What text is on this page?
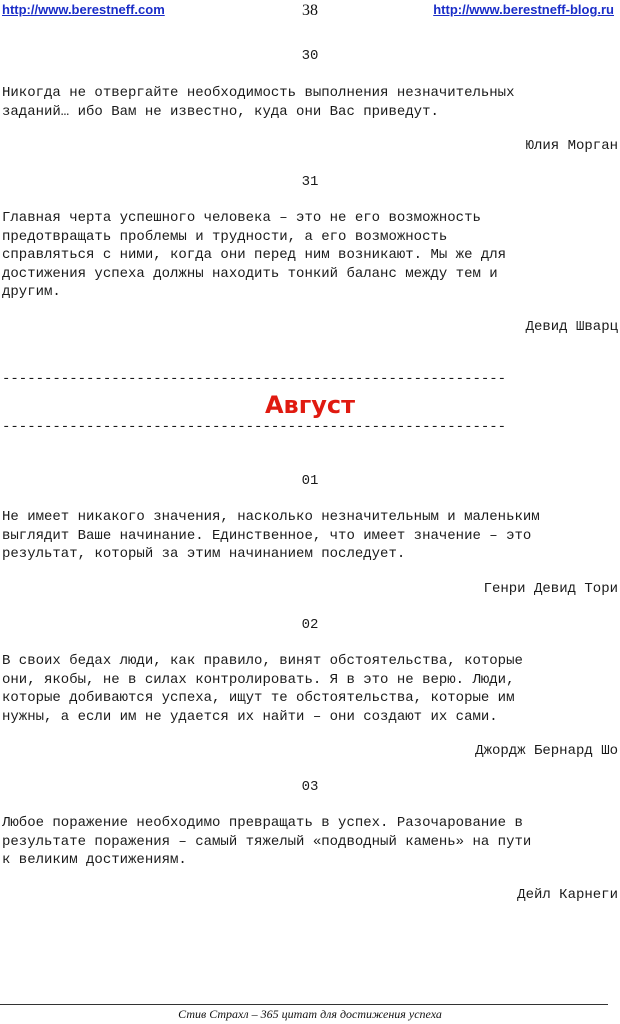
http://www.berestneff.com	38	http://www.berestneff-blog.ru
30
Никогда не отвергайте необходимость выполнения незначительных
заданий… ибо Вам не известно, куда они Вас приведут.
Юлия Морган
31
Главная черта успешного человека – это не его возможность
предотвращать проблемы и трудности, а его возможность
справляться с ними, когда они перед ним возникают. Мы же для
достижения успеха должны находить тонкий баланс между тем и
другим.
Девид Шварц
------------------------------------------------------------
Август
------------------------------------------------------------
01
Не имеет никакого значения, насколько незначительным и маленьким
выглядит Ваше начинание. Единственное, что имеет значение – это
результат, который за этим начинанием последует.
Генри Девид Тори
02
В своих бедах люди, как правило, винят обстоятельства, которые
они, якобы, не в силах контролировать. Я в это не верю. Люди,
которые добиваются успеха, ищут те обстоятельства, которые им
нужны, а если им не удается их найти – они создают их сами.
Джордж Бернард Шо
03
Любое поражение необходимо превращать в успех. Разочарование в
результате поражения – самый тяжелый «подводный камень» на пути
к великим достижениям.
Дейл Карнеги
Стив Страхл – 365 цитат для достижения успеха
